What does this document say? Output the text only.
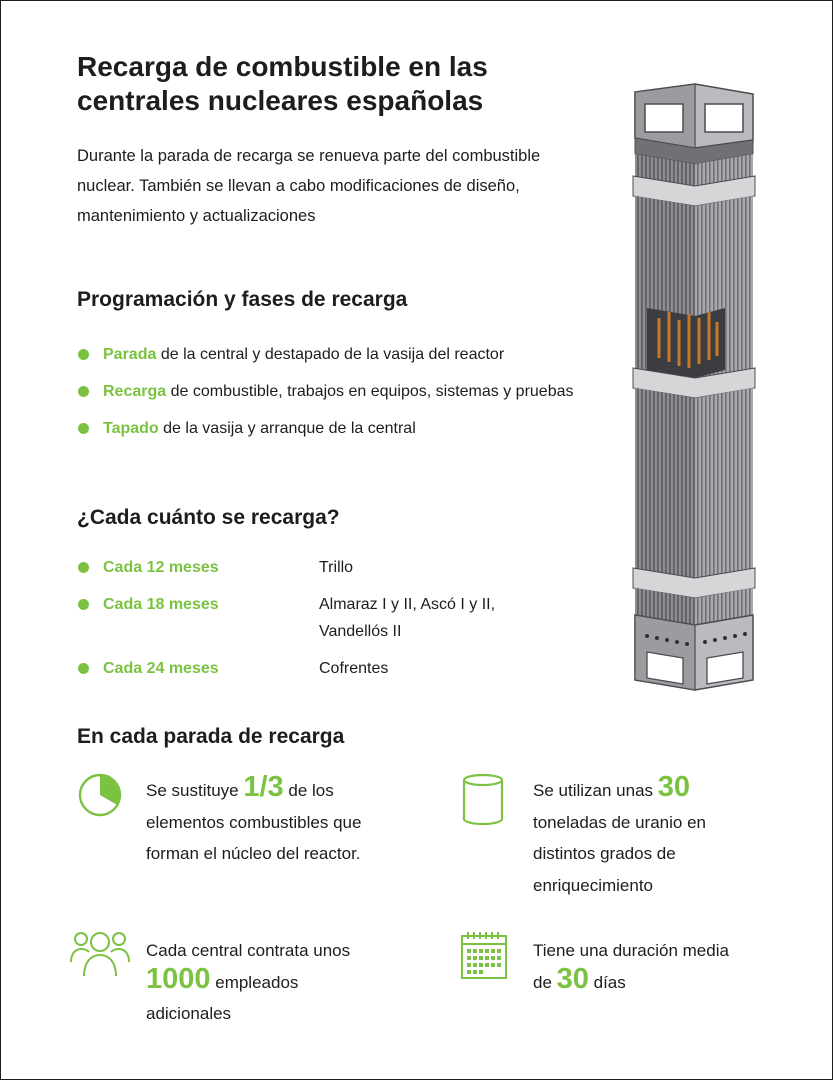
Recarga de combustible en las centrales nucleares españolas

Durante la parada de recarga se renueva parte del combustible nuclear. También se llevan a cabo modificaciones de diseño, mantenimiento y actualizaciones

Programación y fases de recarga
Parada de la central y destapado de la vasija del reactor
Recarga de combustible, trabajos en equipos, sistemas y pruebas
Tapado de la vasija y arranque de la central
¿Cada cuánto se recarga?
Cada 12 meses	Trillo
Cada 18 meses	Almaraz I y II, Ascó I y II, Vandellós II
Cada 24 meses	Cofrentes
En cada parada de recarga
Se sustituye 1/3 de los elementos combustibles que forman el núcleo del reactor.
Se utilizan unas 30 toneladas de uranio en distintos grados de enriquecimiento
Cada central contrata unos 1000 empleados adicionales
Tiene una duración media de 30 días
